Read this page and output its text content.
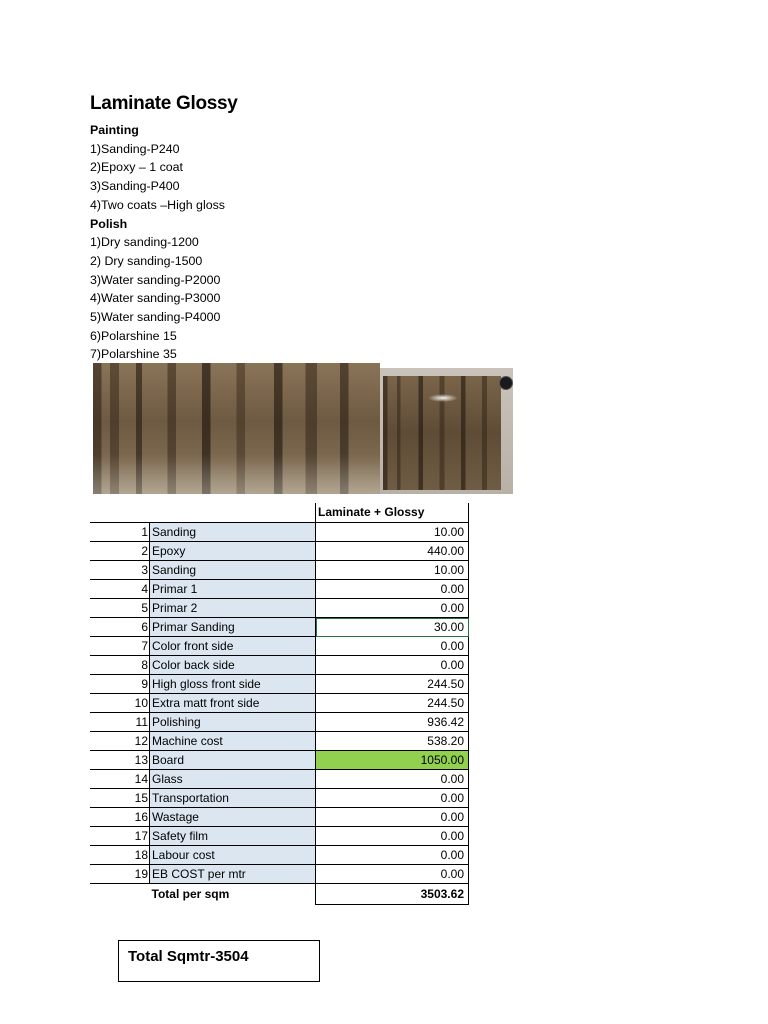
Laminate Glossy
Painting
1)Sanding-P240
2)Epoxy – 1 coat
3)Sanding-P400
4)Two coats –High gloss
Polish
1)Dry sanding-1200
2) Dry sanding-1500
3)Water sanding-P2000
4)Water sanding-P3000
5)Water sanding-P4000
6)Polarshine 15
7)Polarshine 35
		Laminate + Glossy
1	Sanding	10.00
2	Epoxy	440.00
3	Sanding	10.00
4	Primar 1	0.00
5	Primar 2	0.00
6	Primar Sanding	30.00
7	Color front side	0.00
8	Color back side	0.00
9	High gloss front side	244.50
10	Extra matt front side	244.50
11	Polishing	936.42
12	Machine cost	538.20
13	Board	1050.00
14	Glass	0.00
15	Transportation	0.00
16	Wastage	0.00
17	Safety film	0.00
18	Labour cost	0.00
19	EB COST per mtr	0.00
	Total per sqm	3503.62
Total Sqmtr-3504
